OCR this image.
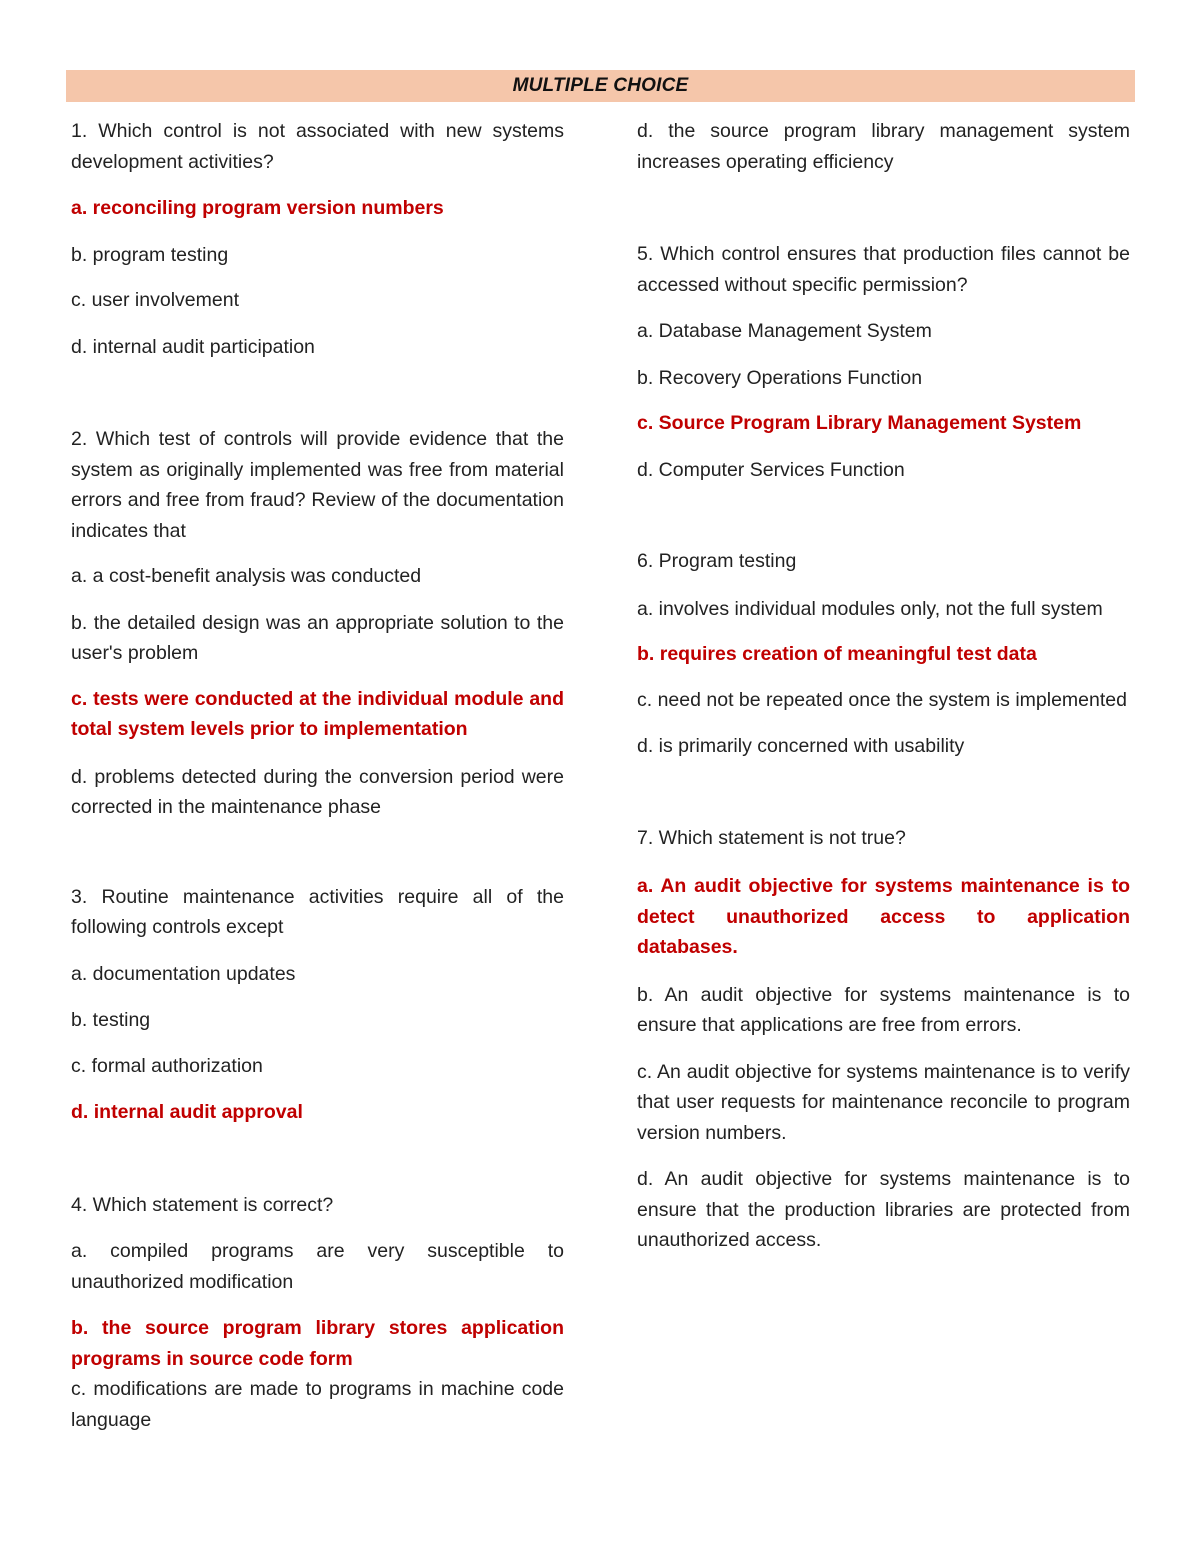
MULTIPLE CHOICE

1. Which control is not associated with new systems development activities?

a. reconciling program version numbers

b. program testing

c. user involvement

d. internal audit participation

2. Which test of controls will provide evidence that the system as originally implemented was free from material errors and free from fraud? Review of the documentation indicates that

a. a cost-benefit analysis was conducted

b. the detailed design was an appropriate solution to the user's problem

c. tests were conducted at the individual module and total system levels prior to implementation

d. problems detected during the conversion period were corrected in the maintenance phase

3. Routine maintenance activities require all of the following controls except

a. documentation updates

b. testing

c. formal authorization

d. internal audit approval

4. Which statement is correct?

a. compiled programs are very susceptible to unauthorized modification

b. the source program library stores application programs in source code form

c. modifications are made to programs in machine code language

d. the source program library management system increases operating efficiency

5. Which control ensures that production files cannot be accessed without specific permission?

a. Database Management System

b. Recovery Operations Function

c. Source Program Library Management System

d. Computer Services Function

6. Program testing

a. involves individual modules only, not the full system

b. requires creation of meaningful test data

c. need not be repeated once the system is implemented

d. is primarily concerned with usability

7. Which statement is not true?

a. An audit objective for systems maintenance is to detect unauthorized access to application databases.

b. An audit objective for systems maintenance is to ensure that applications are free from errors.

c. An audit objective for systems maintenance is to verify that user requests for maintenance reconcile to program version numbers.

d. An audit objective for systems maintenance is to ensure that the production libraries are protected from unauthorized access.
